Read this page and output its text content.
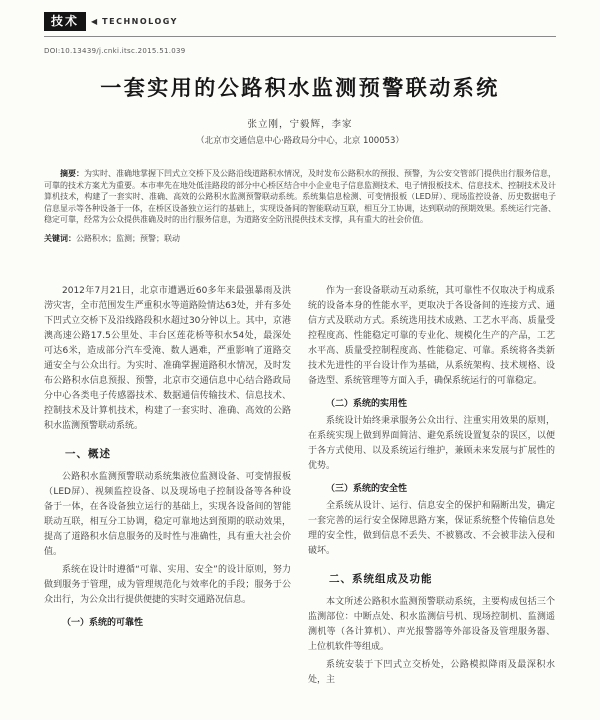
技术	◀ TECHNOLOGY
DOI:10.13439/j.cnki.itsc.2015.51.039
一套实用的公路积水监测预警联动系统
张立刚，宁毅辉，李家
（北京市交通信息中心·路政局分中心，北京 100053）

摘要：为实时、准确地掌握下凹式立交桥下及公路沿线道路积水情况，及时发布公路积水的预报、预警，为公安交管部门提供出行服务信息，可靠的技术方案尤为重要。本市率先在地处低洼路段的部分中心桥区结合中小企业电子信息监测技术、电子情报板技术、信息技术、控制技术及计算机技术，构建了一套实时、准确、高效的公路积水监测预警联动系统。系统集信息检测、可变情报板（LED屏）、现场监控设备、历史数据电子信息显示等各种设备于一体，在桥区设备独立运行的基础上，实现设备间的智能联动互联，相互分工协调，达到联动的预期效果。系统运行完备、稳定可靠，经常为公众提供准确及时的出行服务信息，为道路安全防汛提供技术支撑，具有重大的社会价值。

关键词：公路积水；监测；预警；联动

2012年7月21日，北京市遭遇近60多年来最强暴雨及洪涝灾害，全市范围发生严重积水等道路险情达63处，并有多处下凹式立交桥下及沿线路段积水超过30分钟以上。其中，京港澳高速公路17.5公里处、丰台区莲花桥等积水54处，最深处可达6米，造成部分汽车受淹、数人遇难，严重影响了道路交通安全与公众出行。为实时、准确掌握道路积水情况，及时发布公路积水信息预报、预警，北京市交通信息中心结合路政局分中心各类电子传感器技术、数据通信传输技术、信息技术、控制技术及计算机技术，构建了一套实时、准确、高效的公路积水监测预警联动系统。

一、概述

公路积水监测预警联动系统集液位监测设备、可变情报板（LED屏）、视频监控设备、以及现场电子控制设备等各种设备于一体，在各设备独立运行的基础上，实现各设备间的智能联动互联，相互分工协调，稳定可靠地达到预期的联动效果，提高了道路积水信息服务的及时性与准确性，具有重大社会价值。

系统在设计时遵循“可靠、实用、安全”的设计原则，努力做到服务于管理，成为管理规范化与效率化的手段；服务于公众出行，为公众出行提供便捷的实时交通路况信息。

（一）系统的可靠性

作为一套设备联动互动系统，其可靠性不仅取决于构成系统的设备本身的性能水平，更取决于各设备间的连接方式、通信方式及联动方式。系统选用技术成熟、工艺水平高、质量受控程度高、性能稳定可靠的专业化、规模化生产的产品，工艺水平高、质量受控制程度高、性能稳定、可靠。系统将各类新技术先进性的平台设计作为基础，从系统架构、技术规格、设备选型、系统管理等方面入手，确保系统运行的可靠稳定。

（二）系统的实用性

系统设计始终秉承服务公众出行、注重实用效果的原则，在系统实现上做到界面简洁、避免系统设置复杂的误区，以便于各方式使用、以及系统运行维护，兼顾未来发展与扩展性的优势。

（三）系统的安全性

全系统从设计、运行、信息安全的保护和隔断出发，确定一套完善的运行安全保障思路方案，保证系统整个传输信息处理的安全性，做到信息不丢失、不被篡改、不会被非法入侵和破坏。

二、系统组成及功能

本文所述公路积水监测预警联动系统，主要构成包括三个监测部位：中断点处、积水监测信号机、现场控制机、监测遥测机等（各计算机）、声光报警器等外部设备及管理服务器、上位机软件等组成。

系统安装于下凹式立交桥处，公路模拟降雨及最深积水处，主
